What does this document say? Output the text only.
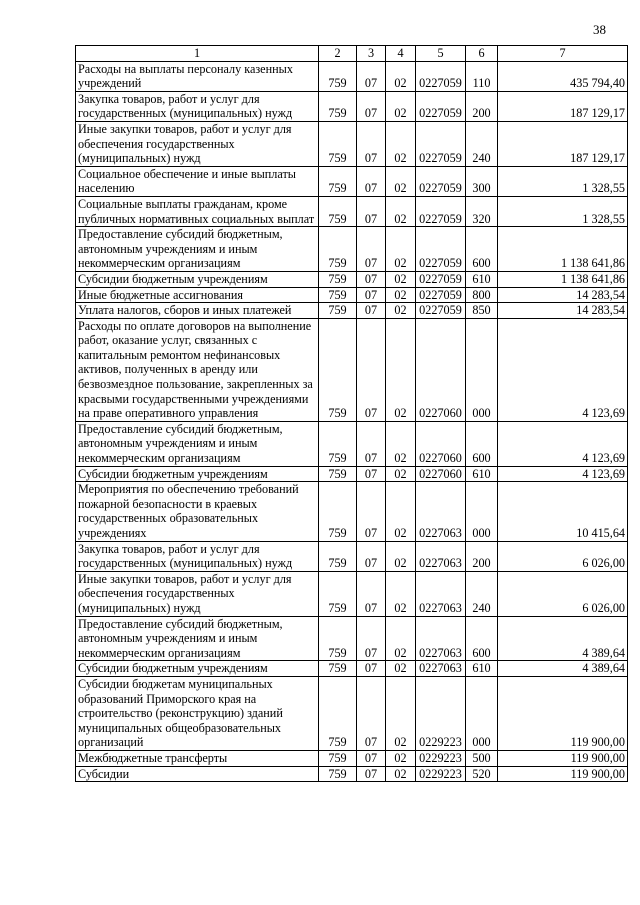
38
1	2	3	4	5	6	7
Расходы на выплаты персоналу казенных учреждений	759	07	02	0227059	110	435 794,40
Закупка товаров, работ и услуг для государственных (муниципальных) нужд	759	07	02	0227059	200	187 129,17
Иные закупки товаров, работ и услуг для обеспечения государственных (муниципальных) нужд	759	07	02	0227059	240	187 129,17
Социальное обеспечение и иные выплаты населению	759	07	02	0227059	300	1 328,55
Социальные выплаты гражданам, кроме публичных нормативных социальных выплат	759	07	02	0227059	320	1 328,55
Предоставление субсидий бюджетным, автономным учреждениям и иным некоммерческим организациям	759	07	02	0227059	600	1 138 641,86
Субсидии бюджетным учреждениям	759	07	02	0227059	610	1 138 641,86
Иные бюджетные ассигнования	759	07	02	0227059	800	14 283,54
Уплата налогов, сборов и иных платежей	759	07	02	0227059	850	14 283,54
Расходы по оплате договоров на выполнение работ, оказание услуг, связанных с капитальным ремонтом нефинансовых активов, полученных в аренду или безвозмездное пользование, закрепленных за красвыми государственными учреждениями на праве оперативного управления	759	07	02	0227060	000	4 123,69
Предоставление субсидий бюджетным, автономным учреждениям и иным некоммерческим организациям	759	07	02	0227060	600	4 123,69
Субсидии бюджетным учреждениям	759	07	02	0227060	610	4 123,69
Мероприятия по обеспечению требований пожарной безопасности в краевых государственных образовательных учреждениях	759	07	02	0227063	000	10 415,64
Закупка товаров, работ и услуг для государственных (муниципальных) нужд	759	07	02	0227063	200	6 026,00
Иные закупки товаров, работ и услуг для обеспечения государственных (муниципальных) нужд	759	07	02	0227063	240	6 026,00
Предоставление субсидий бюджетным, автономным учреждениям и иным некоммерческим организациям	759	07	02	0227063	600	4 389,64
Субсидии бюджетным учреждениям	759	07	02	0227063	610	4 389,64
Субсидии бюджетам муниципальных образований Приморского края на строительство (реконструкцию) зданий муниципальных общеобразовательных организаций	759	07	02	0229223	000	119 900,00
Межбюджетные трансферты	759	07	02	0229223	500	119 900,00
Субсидии	759	07	02	0229223	520	119 900,00
